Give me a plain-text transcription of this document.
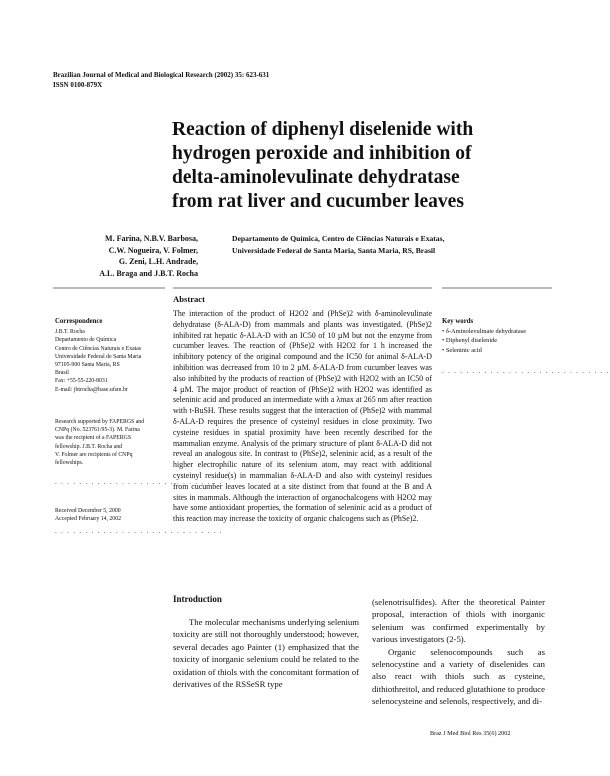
Brazilian Journal of Medical and Biological Research (2002) 35: 623-631
ISSN 0100-879X
Reaction of diphenyl diselenide with
hydrogen peroxide and inhibition of
delta-aminolevulinate dehydratase
from rat liver and cucumber leaves
M. Farina, N.B.V. Barbosa,
C.W. Nogueira, V. Folmer,
G. Zeni, L.H. Andrade,
A.L. Braga and J.B.T. Rocha
Departamento de Química, Centro de Ciências Naturais e Exatas,
Universidade Federal de Santa Maria, Santa Maria, RS, Brasil
Abstract
Correspondence
J.B.T. Rocha
Departamento de Química
Centro de Ciências Naturais e Exatas
Universidade Federal de Santa Maria
97105-900 Santa Maria, RS
Brasil
Fax: +55-55-220-8031
E-mail: jbtrocha@base.ufsm.br
Research supported by FAPERGS and
CNPq (No. 523761/95-3). M. Farina
was the recipient of a FAPERGS
fellowship. J.B.T. Rocha and
V. Folmer are recipients of CNPq
fellowships.
. . . . . . . . . . . . . . . . . . . . . . . . . . . .
Received December 5, 2000
Accepted February 14, 2002
. . . . . . . . . . . . . . . . . . . . . . . . . . . .

The interaction of the product of H2O2 and (PhSe)2 with δ-aminolevulinate dehydratase (δ-ALA-D) from mammals and plants was investigated. (PhSe)2 inhibited rat hepatic δ-ALA-D with an IC50 of 10 µM but not the enzyme from cucumber leaves. The reaction of (PhSe)2 with H2O2 for 1 h increased the inhibitory potency of the original compound and the IC50 for animal δ-ALA-D inhibition was decreased from 10 to 2 µM. δ-ALA-D from cucumber leaves was also inhibited by the products of reaction of (PhSe)2 with H2O2 with an IC50 of 4 µM. The major product of reaction of (PhSe)2 with H2O2 was identified as seleninic acid and produced an intermediate with a λmax at 265 nm after reaction with t-BuSH. These results suggest that the interaction of (PhSe)2 with mammal δ-ALA-D requires the presence of cysteinyl residues in close proximity. Two cysteine residues in spatial proximity have been recently described for the mammalian enzyme. Analysis of the primary structure of plant δ-ALA-D did not reveal an analogous site. In contrast to (PhSe)2, seleninic acid, as a result of the higher electrophilic nature of its selenium atom, may react with additional cysteinyl residue(s) in mammalian δ-ALA-D and also with cysteinyl residues from cucumber leaves located at a site distinct from that found at the B and A sites in mammals. Although the interaction of organochalcogens with H2O2 may have some antioxidant properties, the formation of seleninic acid as a product of this reaction may increase the toxicity of organic chalcogens such as (PhSe)2.

Key words
• δ-Aminolevulinate dehydratase
• Diphenyl diselenide
• Seleninic acid
. . . . . . . . . . . . . . . . . . . . . . . . . . . .
Introduction
The molecular mechanisms underlying selenium toxicity are still not thoroughly understood; however, several decades ago Painter (1) emphasized that the toxicity of inorganic selenium could be related to the oxidation of thiols with the concomitant formation of derivatives of the RSSeSR type

(selenotrisulfides). After the theoretical Painter proposal, interaction of thiols with inorganic selenium was confirmed experimentally by various investigators (2-5).

Organic selenocompounds such as selenocystine and a variety of diselenides can also react with thiols such as cysteine, dithiothreitol, and reduced glutathione to produce selenocysteine and selenols, respectively, and di-

Braz J Med Biol Res 35(6) 2002
